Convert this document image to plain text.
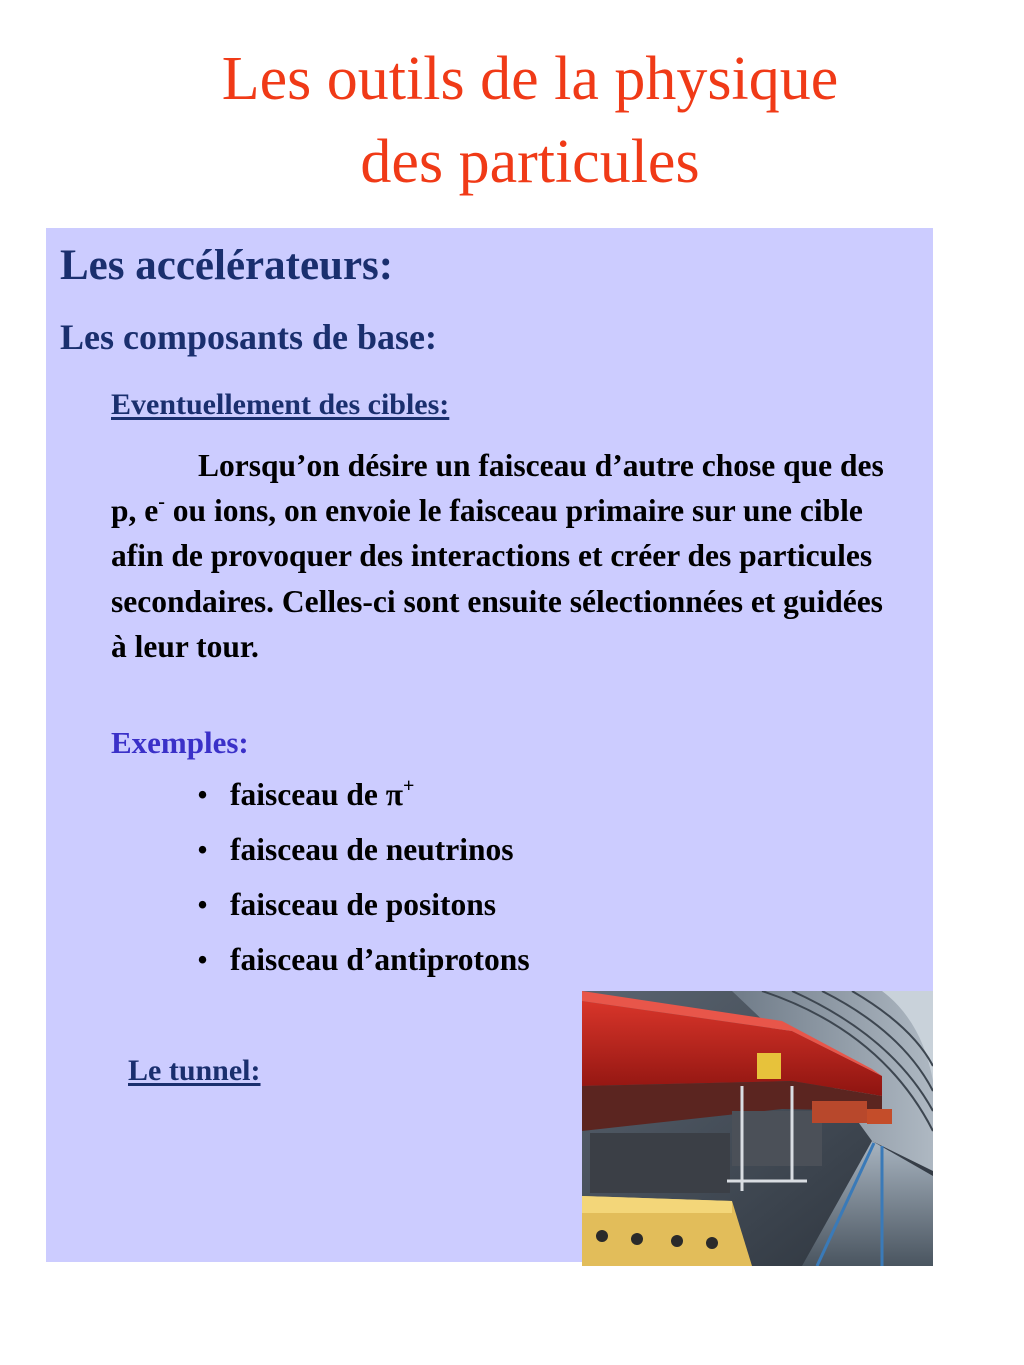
Les outils de la physique
des particules
Les accélérateurs:
Les composants de base:
Eventuellement des cibles:

Lorsqu’on désire un faisceau d’autre chose que des p, e- ou ions, on envoie le faisceau primaire sur une cible afin de provoquer des interactions et créer des particules secondaires. Celles-ci sont ensuite sélectionnées et guidées à leur tour.

Exemples:
• faisceau de π+
• faisceau de neutrinos
• faisceau de positons
• faisceau d’antiprotons
Le tunnel:
